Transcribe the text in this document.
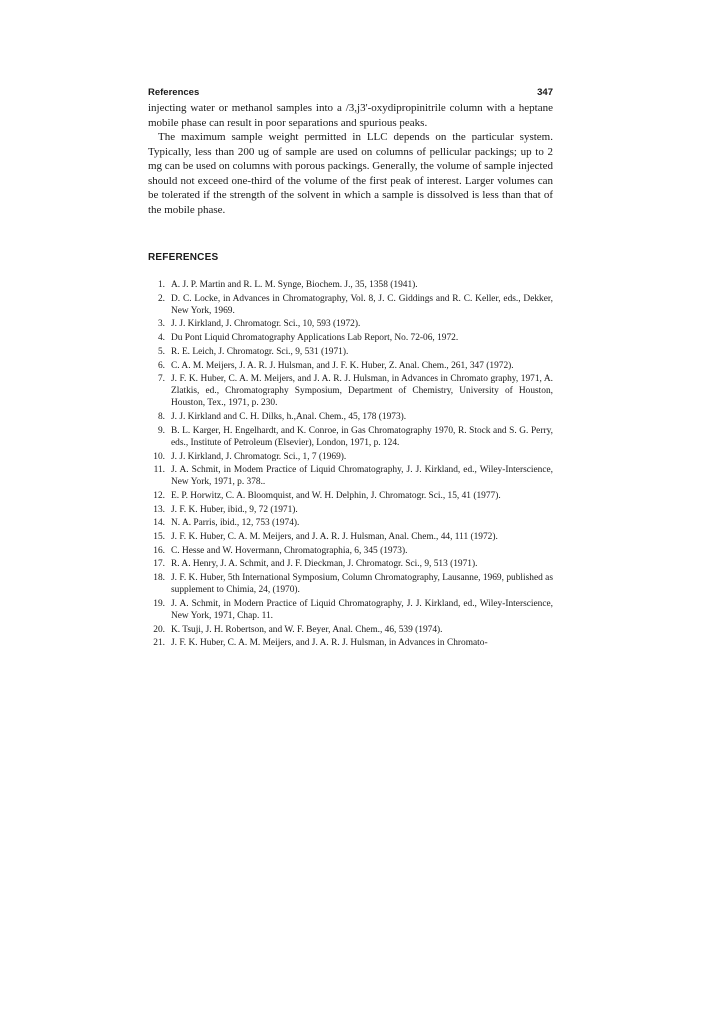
References	347

injecting water or methanol samples into a /3,j3'-oxydipropinitrile column with a heptane mobile phase can result in poor separations and spurious peaks.

The maximum sample weight permitted in LLC depends on the particular system. Typically, less than 200 ug of sample are used on columns of pellicular packings; up to 2 mg can be used on columns with porous packings. Generally, the volume of sample injected should not exceed one-third of the volume of the first peak of interest. Larger volumes can be tolerated if the strength of the solvent in which a sample is dissolved is less than that of the mobile phase.

REFERENCES
1. A. J. P. Martin and R. L. M. Synge, Biochem. J., 35, 1358 (1941).
2. D. C. Locke, in Advances in Chromatography, Vol. 8, J. C. Giddings and R. C. Keller, eds., Dekker, New York, 1969.
3. J. J. Kirkland, J. Chromatogr. Sci., 10, 593 (1972).
4. Du Pont Liquid Chromatography Applications Lab Report, No. 72-06, 1972.
5. R. E. Leich, J. Chromatogr. Sci., 9, 531 (1971).
6. C. A. M. Meijers, J. A. R. J. Hulsman, and J. F. K. Huber, Z. Anal. Chem., 261, 347 (1972).
7. J. F. K. Huber, C. A. M. Meijers, and J. A. R. J. Hulsman, in Advances in Chromato graphy, 1971, A. Zlatkis, ed., Chromatography Symposium, Department of Chemistry, University of Houston, Houston, Tex., 1971, p. 230.
8. J. J. Kirkland and C. H. Dilks, h.,Anal. Chem., 45, 178 (1973).
9. B. L. Karger, H. Engelhardt, and K. Conroe, in Gas Chromatography 1970, R. Stock and S. G. Perry, eds., Institute of Petroleum (Elsevier), London, 1971, p. 124.
10. J. J. Kirkland, J. Chromatogr. Sci., 1, 7 (1969).
11. J. A. Schmit, in Modem Practice of Liquid Chromatography, J. J. Kirkland, ed., Wiley-Interscience, New York, 1971, p. 378..
12. E. P. Horwitz, C. A. Bloomquist, and W. H. Delphin, J. Chromatogr. Sci., 15, 41 (1977).
13. J. F. K. Huber, ibid., 9, 72 (1971).
14. N. A. Parris, ibid., 12, 753 (1974).
15. J. F. K. Huber, C. A. M. Meijers, and J. A. R. J. Hulsman, Anal. Chem., 44, 111 (1972).
16. C. Hesse and W. Hovermann, Chromatographia, 6, 345 (1973).
17. R. A. Henry, J. A. Schmit, and J. F. Dieckman, J. Chromatogr. Sci., 9, 513 (1971).
18. J. F. K. Huber, 5th International Symposium, Column Chromatography, Lausanne, 1969, published as supplement to Chimia, 24, (1970).
19. J. A. Schmit, in Modern Practice of Liquid Chromatography, J. J. Kirkland, ed., Wiley-Interscience, New York, 1971, Chap. 11.
20. K. Tsuji, J. H. Robertson, and W. F. Beyer, Anal. Chem., 46, 539 (1974).
21. J. F. K. Huber, C. A. M. Meijers, and J. A. R. J. Hulsman, in Advances in Chromato-
